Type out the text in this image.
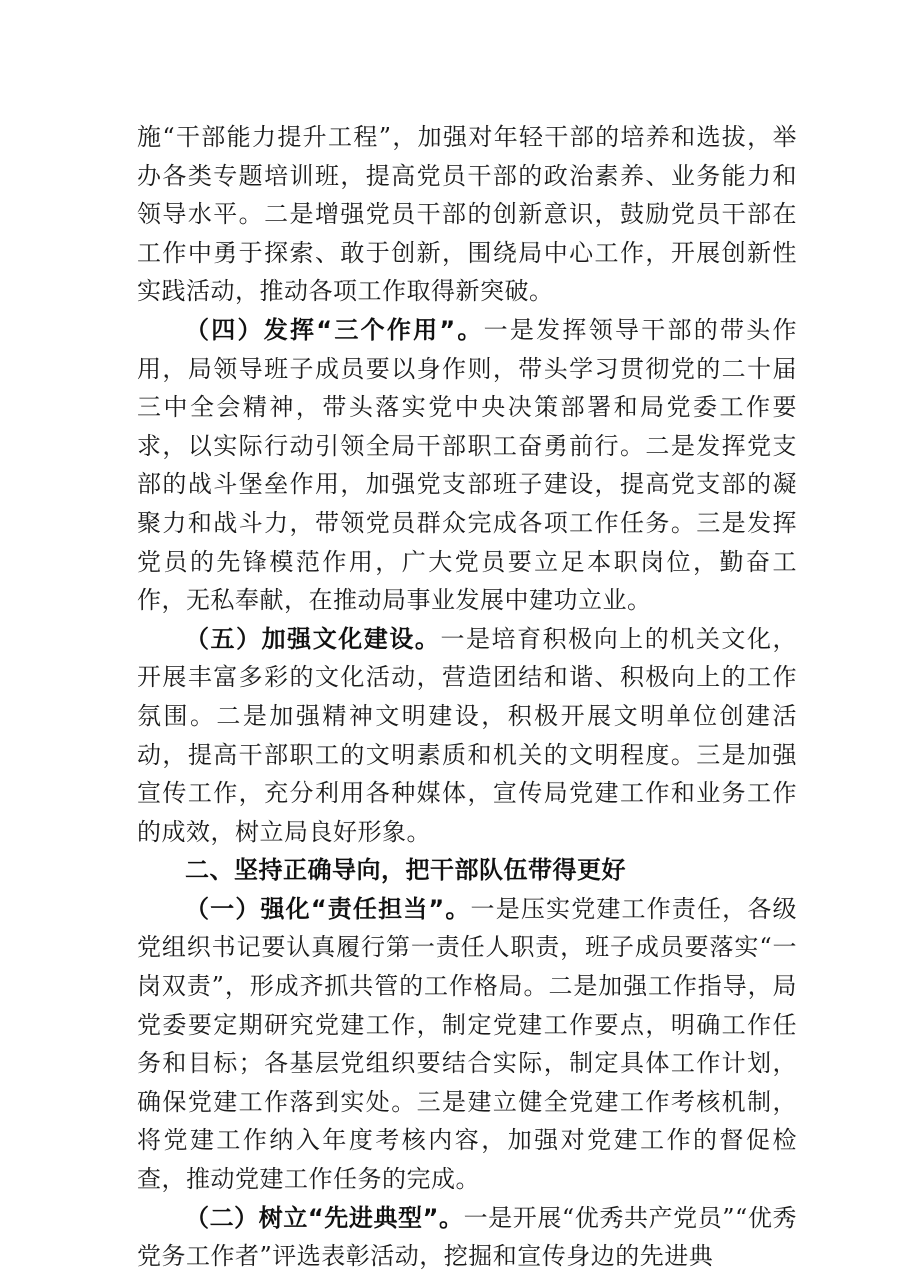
施“干部能力提升工程”，加强对年轻干部的培养和选拔，举办各类专题培训班，提高党员干部的政治素养、业务能力和领导水平。二是增强党员干部的创新意识，鼓励党员干部在工作中勇于探索、敢于创新，围绕局中心工作，开展创新性实践活动，推动各项工作取得新突破。

（四）发挥“三个作用”。一是发挥领导干部的带头作用，局领导班子成员要以身作则，带头学习贯彻党的二十届三中全会精神，带头落实党中央决策部署和局党委工作要求，以实际行动引领全局干部职工奋勇前行。二是发挥党支部的战斗堡垒作用，加强党支部班子建设，提高党支部的凝聚力和战斗力，带领党员群众完成各项工作任务。三是发挥党员的先锋模范作用，广大党员要立足本职岗位，勤奋工作，无私奉献，在推动局事业发展中建功立业。

（五）加强文化建设。一是培育积极向上的机关文化，开展丰富多彩的文化活动，营造团结和谐、积极向上的工作氛围。二是加强精神文明建设，积极开展文明单位创建活动，提高干部职工的文明素质和机关的文明程度。三是加强宣传工作，充分利用各种媒体，宣传局党建工作和业务工作的成效，树立局良好形象。

二、坚持正确导向，把干部队伍带得更好

（一）强化“责任担当”。一是压实党建工作责任，各级党组织书记要认真履行第一责任人职责，班子成员要落实“一岗双责”，形成齐抓共管的工作格局。二是加强工作指导，局党委要定期研究党建工作，制定党建工作要点，明确工作任务和目标；各基层党组织要结合实际，制定具体工作计划，确保党建工作落到实处。三是建立健全党建工作考核机制，将党建工作纳入年度考核内容，加强对党建工作的督促检查，推动党建工作任务的完成。

（二）树立“先进典型”。一是开展“优秀共产党员”“优秀党务工作者”评选表彰活动，挖掘和宣传身边的先进典
